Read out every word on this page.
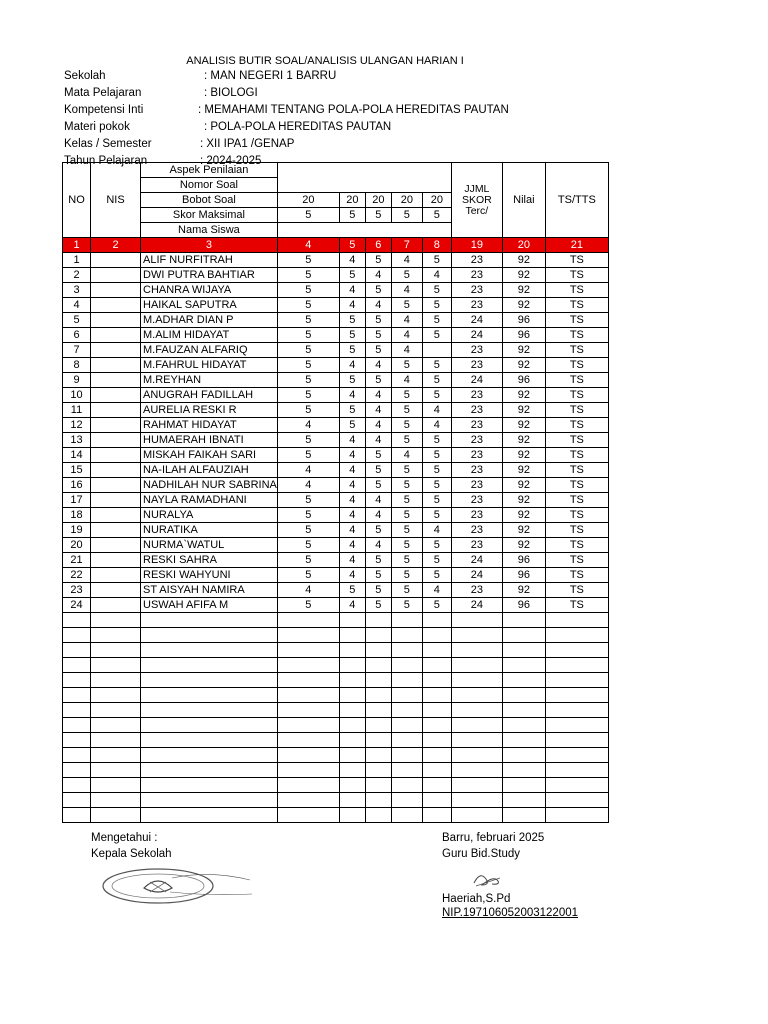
ANALISIS BUTIR SOAL/ANALISIS ULANGAN HARIAN I
Sekolah	: MAN NEGERI 1 BARRU
Mata Pelajaran	: BIOLOGI
Kompetensi Inti	: MEMAHAMI TENTANG POLA-POLA HEREDITAS PAUTAN
Materi pokok	: POLA-POLA HEREDITAS PAUTAN
Kelas / Semester	: XII IPA1 /GENAP
Tahun Pelajaran	: 2024-2025
NO	NIS	Aspek Penilaian						JJML SKOR Terc/	Nilai	TS/TTS
		Nomor Soal								
		Bobot Soal	20	20	20	20	20			
		Skor Maksimal	5	5	5	5	5			
		Nama Siswa								
1	2	3	4	5	6	7	8	19	20	21
1		ALIF NURFITRAH	5	4	5	4	5	23	92	TS
2		DWI PUTRA BAHTIAR	5	5	4	5	4	23	92	TS
3		CHANRA WIJAYA	5	4	5	4	5	23	92	TS
4		HAIKAL SAPUTRA	5	4	4	5	5	23	92	TS
5		M.ADHAR DIAN P	5	5	5	4	5	24	96	TS
6		M.ALIM HIDAYAT	5	5	5	4	5	24	96	TS
7		M.FAUZAN ALFARIQ	5	5	5	4		23	92	TS
8		M.FAHRUL HIDAYAT	5	4	4	5	5	23	92	TS
9		M.REYHAN	5	5	5	4	5	24	96	TS
10		ANUGRAH FADILLAH	5	4	4	5	5	23	92	TS
11		AURELIA RESKI R	5	5	4	5	4	23	92	TS
12		RAHMAT HIDAYAT	4	5	4	5	4	23	92	TS
13		HUMAERAH IBNATI	5	4	4	5	5	23	92	TS
14		MISKAH FAIKAH SARI	5	4	5	4	5	23	92	TS
15		NA-ILAH ALFAUZIAH	4	4	5	5	5	23	92	TS
16		NADHILAH NUR SABRINA	4	4	5	5	5	23	92	TS
17		NAYLA RAMADHANI	5	4	4	5	5	23	92	TS
18		NURALYA	5	4	4	5	5	23	92	TS
19		NURATIKA	5	4	5	5	4	23	92	TS
20		NURMA`WATUL	5	4	4	5	5	23	92	TS
21		RESKI SAHRA	5	4	5	5	5	24	96	TS
22		RESKI WAHYUNI	5	4	5	5	5	24	96	TS
23		ST AISYAH NAMIRA	4	5	5	5	4	23	92	TS
24		USWAH AFIFA M	5	4	5	5	5	24	96	TS

Mengetahui :
Kepala Sekolah
Barru, februari 2025
Guru Bid.Study
Haeriah,S.Pd
NIP.197106052003122001
